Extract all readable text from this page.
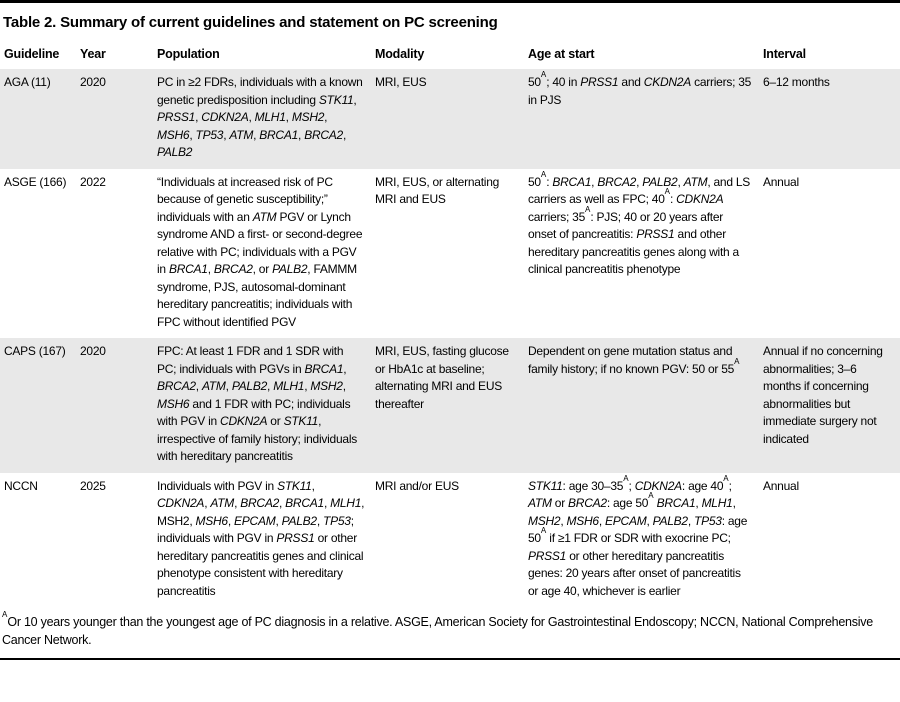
Table 2. Summary of current guidelines and statement on PC screening
Guideline	Year	Population	Modality	Age at start	Interval
AGA (11)	2020	PC in ≥2 FDRs, individuals with a known genetic predisposition including STK11, PRSS1, CDKN2A, MLH1, MSH2, MSH6, TP53, ATM, BRCA1, BRCA2, PALB2	MRI, EUS	50$^A$; 40 in PRSS1 and CKDN2A carriers; 35 in PJS	6–12 months
ASGE (166)	2022	“Individuals at increased risk of PC because of genetic susceptibility;” individuals with an ATM PGV or Lynch syndrome AND a first- or second-degree relative with PC; individuals with a PGV in BRCA1, BRCA2, or PALB2, FAMMM syndrome, PJS, autosomal-dominant hereditary pancreatitis; individuals with FPC without identified PGV	MRI, EUS, or alternating MRI and EUS	50$^A$: BRCA1, BRCA2, PALB2, ATM, and LS carriers as well as FPC; 40$^A$: CDKN2A carriers; 35$^A$: PJS; 40 or 20 years after onset of pancreatitis: PRSS1 and other hereditary pancreatitis genes along with a clinical pancreatitis phenotype	Annual
CAPS (167)	2020	FPC: At least 1 FDR and 1 SDR with PC; individuals with PGVs in BRCA1, BRCA2, ATM, PALB2, MLH1, MSH2, MSH6 and 1 FDR with PC; individuals with PGV in CDKN2A or STK11, irrespective of family history; individuals with hereditary pancreatitis	MRI, EUS, fasting glucose or HbA1c at baseline; alternating MRI and EUS thereafter	Dependent on gene mutation status and family history; if no known PGV: 50 or 55$^A$	Annual if no concerning abnormalities; 3–6 months if concerning abnormalities but immediate surgery not indicated
NCCN	2025	Individuals with PGV in STK11, CDKN2A, ATM, BRCA2, BRCA1, MLH1, MSH2, MSH6, EPCAM, PALB2, TP53; individuals with PGV in PRSS1 or other hereditary pancreatitis genes and clinical phenotype consistent with hereditary pancreatitis	MRI and/or EUS	STK11: age 30–35$^A$; CDKN2A: age 40$^A$; ATM or BRCA2: age 50$^A$ BRCA1, MLH1, MSH2, MSH6, EPCAM, PALB2, TP53: age 50$^A$ if ≥1 FDR or SDR with exocrine PC; PRSS1 or other hereditary pancreatitis genes: 20 years after onset of pancreatitis or age 40, whichever is earlier	Annual
$^A$Or 10 years younger than the youngest age of PC diagnosis in a relative. ASGE, American Society for Gastrointestinal Endoscopy; NCCN, National Comprehensive Cancer Network.
